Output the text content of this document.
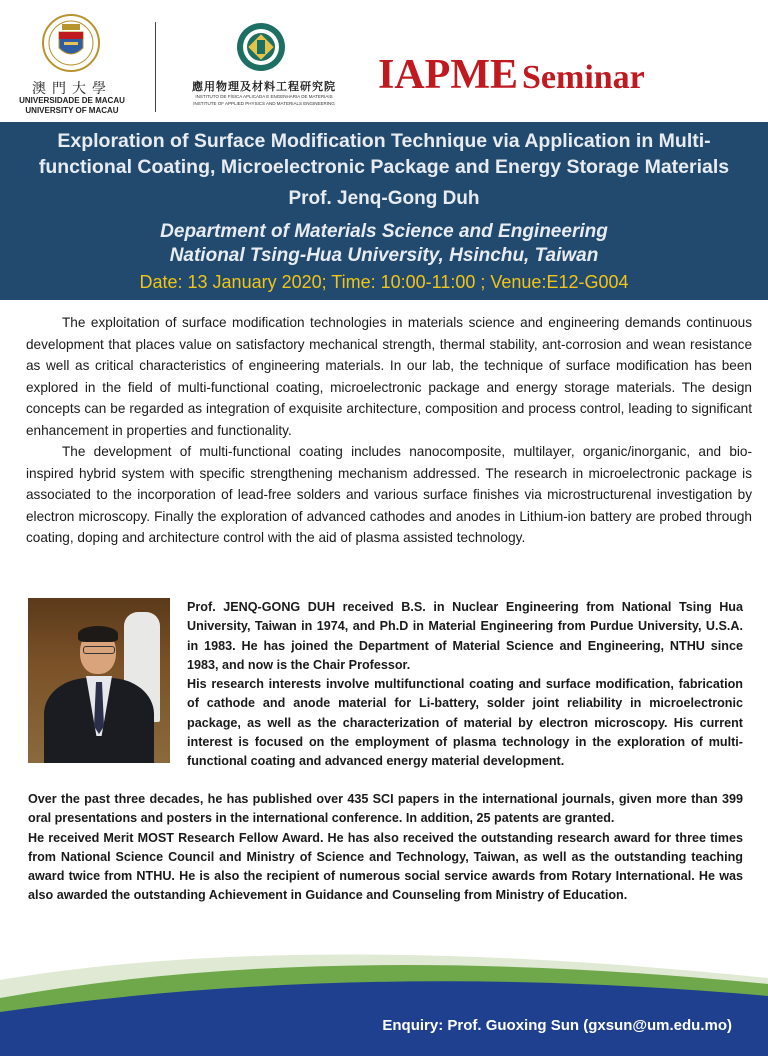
澳門大學
UNIVERSIDADE DE MACAU
UNIVERSITY OF MACAU
應用物理及材料工程研究院
INSTITUTO DE FÍSICA APLICADA E ENGENHARIA DE MATERIAIS
INSTITUTE OF APPLIED PHYSICS AND MATERIALS ENGINEERING
IAPME Seminar
Exploration of Surface Modification Technique via Application in Multi-
functional Coating, Microelectronic Package and Energy Storage Materials
Prof. Jenq-Gong Duh
Department of Materials Science and Engineering
National Tsing-Hua University, Hsinchu, Taiwan
Date: 13 January 2020; Time: 10:00-11:00 ; Venue:E12-G004

The exploitation of surface modification technologies in materials science and engineering demands continuous development that places value on satisfactory mechanical strength, thermal stability, ant-corrosion and wean resistance as well as critical characteristics of engineering materials. In our lab, the technique of surface modification has been explored in the field of multi-functional coating, microelectronic package and energy storage materials. The design concepts can be regarded as integration of exquisite architecture, composition and process control, leading to significant enhancement in properties and functionality.

The development of multi-functional coating includes nanocomposite, multilayer, organic/inorganic, and bio-inspired hybrid system with specific strengthening mechanism addressed. The research in microelectronic package is associated to the incorporation of lead-free solders and various surface finishes via microstructurenal investigation by electron microscopy. Finally the exploration of advanced cathodes and anodes in Lithium-ion battery are probed through coating, doping and architecture control with the aid of plasma assisted technology.

Prof. JENQ-GONG DUH received B.S. in Nuclear Engineering from National Tsing Hua University, Taiwan in 1974, and Ph.D in Material Engineering from Purdue University, U.S.A. in 1983. He has joined the Department of Material Science and Engineering, NTHU since 1983, and now is the Chair Professor.

His research interests involve multifunctional coating and surface modification, fabrication of cathode and anode material for Li-battery, solder joint reliability in microelectronic package, as well as the characterization of material by electron microscopy. His current interest is focused on the employment of plasma technology in the exploration of multi-functional coating and advanced energy material development.

Over the past three decades, he has published over 435 SCI papers in the international journals, given more than 399 oral presentations and posters in the international conference. In addition, 25 patents are granted.

He received Merit MOST Research Fellow Award. He has also received the outstanding research award for three times from National Science Council and Ministry of Science and Technology, Taiwan, as well as the outstanding teaching award twice from NTHU. He is also the recipient of numerous social service awards from Rotary International. He was also awarded the outstanding Achievement in Guidance and Counseling from Ministry of Education.

Enquiry: Prof. Guoxing Sun (gxsun@um.edu.mo)
